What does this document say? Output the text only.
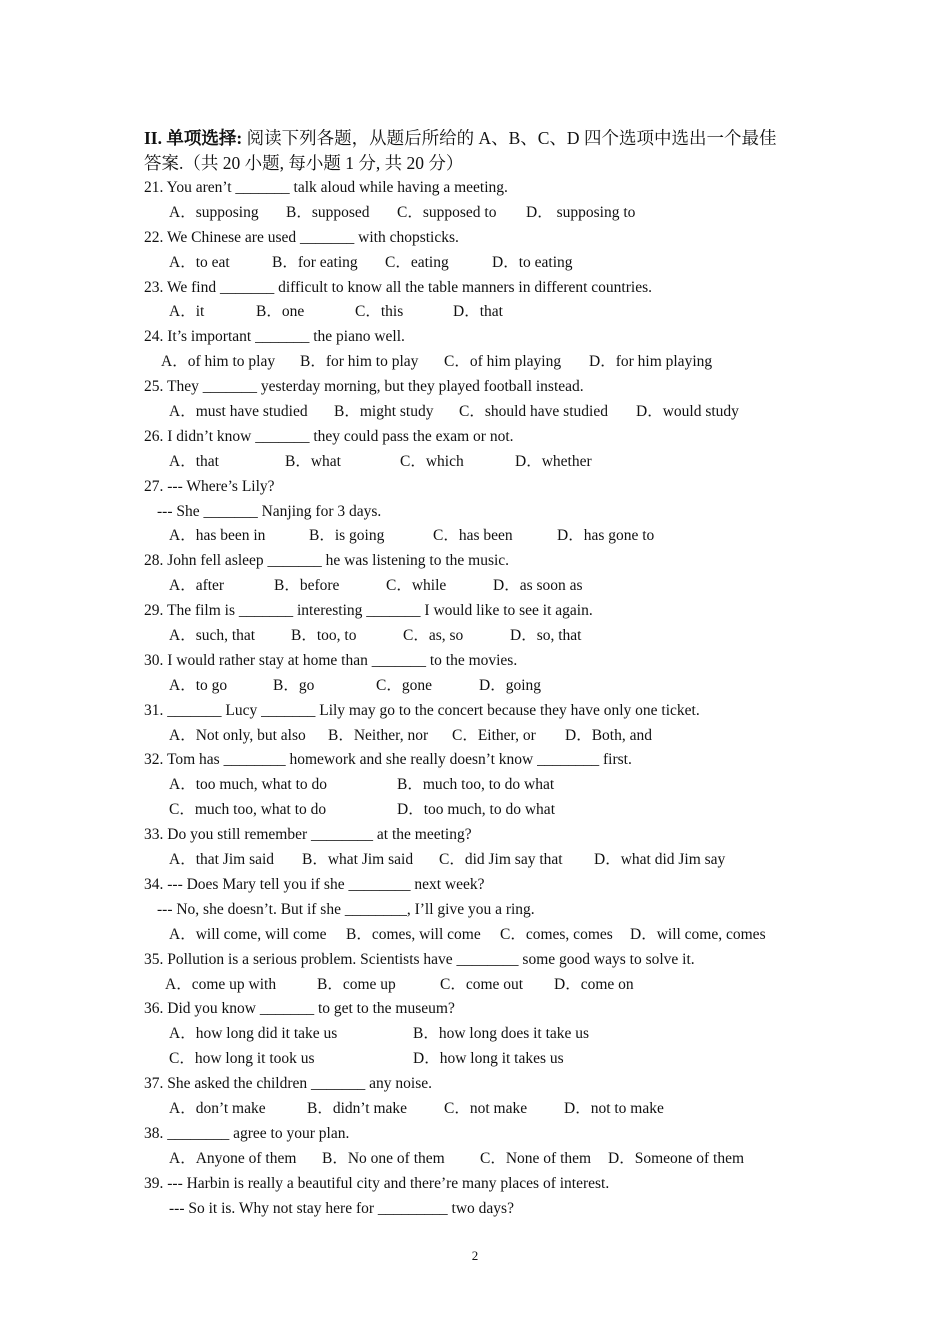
II. 单项选择: 阅读下列各题，从题后所给的 A、B、C、D 四个选项中选出一个最佳
答案.（共 20 小题, 每小题 1 分, 共 20 分）
21. You aren’t _______ talk aloud while having a meeting.
A．supposing B．supposed C．supposed to D． supposing to
22. We Chinese are used _______ with chopsticks.
A．to eat	B．for eating C．eating	D．to eating
23. We find _______ difficult to know all the table manners in different countries.
A．it	B．one	C．this	D．that
24. It’s important _______ the piano well.
A．of him to play B．for him to play C．of him playing D．for him playing
25. They _______ yesterday morning, but they played football instead.
A．must have studied B．might study C．should have studied D．would study
26. I didn’t know _______ they could pass the exam or not.
A．that	B．what	C．which	D．whether
27. --- Where’s Lily?
--- She _______ Nanjing for 3 days.
A．has been in	B．is going	C．has been	D．has gone to
28. John fell asleep _______ he was listening to the music.
A．after	B．before	C．while	D．as soon as
29. The film is _______ interesting _______ I would like to see it again.
A．such, that B．too, to	C．as, so	D．so, that
30. I would rather stay at home than _______ to the movies.
A．to go	B．go	C．gone	D．going
31. _______ Lucy _______ Lily may go to the concert because they have only one ticket.
A．Not only, but also B．Neither, nor C．Either, or D．Both, and
32. Tom has ________ homework and she really doesn’t know ________ first.
A．too much, what to do	B．much too, to do what
C．much too, what to do	D．too much, to do what
33. Do you still remember ________ at the meeting?
A．that Jim said B．what Jim said C．did Jim say that D．what did Jim say
34. --- Does Mary tell you if she ________ next week?
--- No, she doesn’t. But if she ________, I’ll give you a ring.
A．will come, will come B．comes, will come C．comes, comes D．will come, comes
35. Pollution is a serious problem. Scientists have ________ some good ways to solve it.
A．come up with	B．come up	C．come out D．come on
36. Did you know _______ to get to the museum?
A．how long did it take us	B．how long does it take us
C．how long it took us	D．how long it takes us
37. She asked the children _______ any noise.
A．don’t make	B．didn’t make C．not make D．not to make
38. ________ agree to your plan.
A．Anyone of them B．No one of them C．None of them D．Someone of them
39. --- Harbin is really a beautiful city and there’re many places of interest.
--- So it is. Why not stay here for _________ two days?
2
